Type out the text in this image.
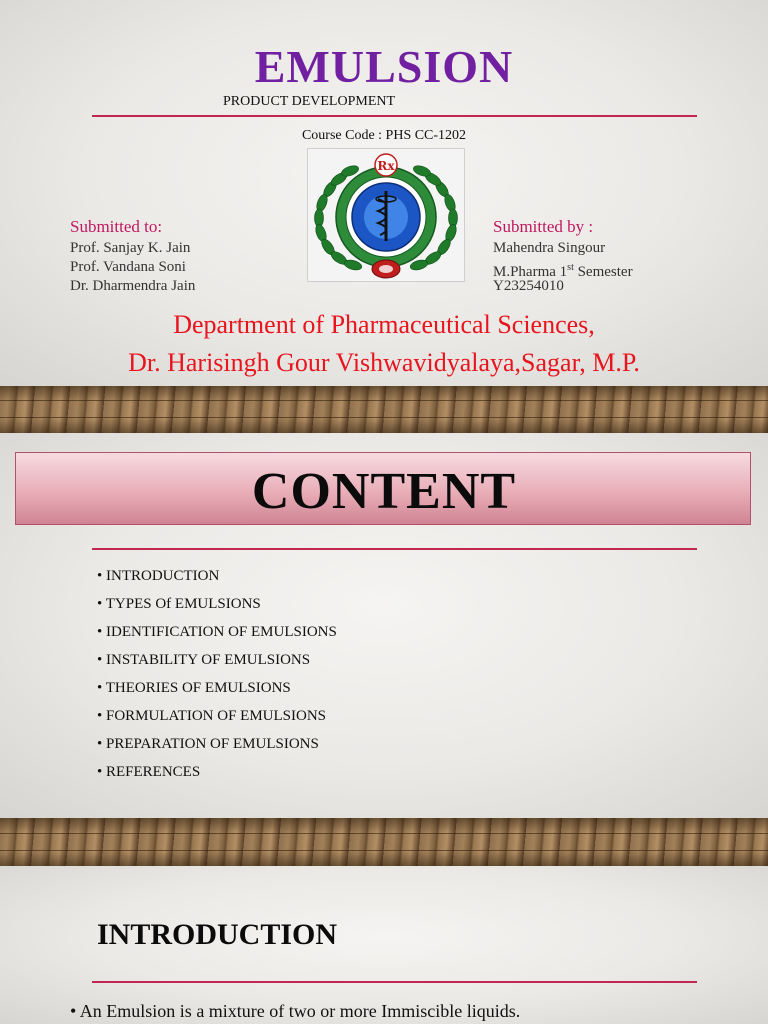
EMULSION
PRODUCT DEVELOPMENT
Course Code : PHS CC-1202
Rx
Submitted to:
Prof. Sanjay K. Jain
Prof. Vandana Soni
Dr. Dharmendra Jain
Submitted by :
Mahendra Singour
M.Pharma 1st Semester
Y23254010
Department of Pharmaceutical Sciences,
Dr. Harisingh Gour Vishwavidyalaya,Sagar, M.P.
CONTENT
• INTRODUCTION
• TYPES Of EMULSIONS
• IDENTIFICATION OF EMULSIONS
• INSTABILITY OF EMULSIONS
• THEORIES OF EMULSIONS
• FORMULATION OF EMULSIONS
• PREPARATION OF EMULSIONS
• REFERENCES
INTRODUCTION
• An Emulsion is a mixture of two or more Immiscible liquids.
